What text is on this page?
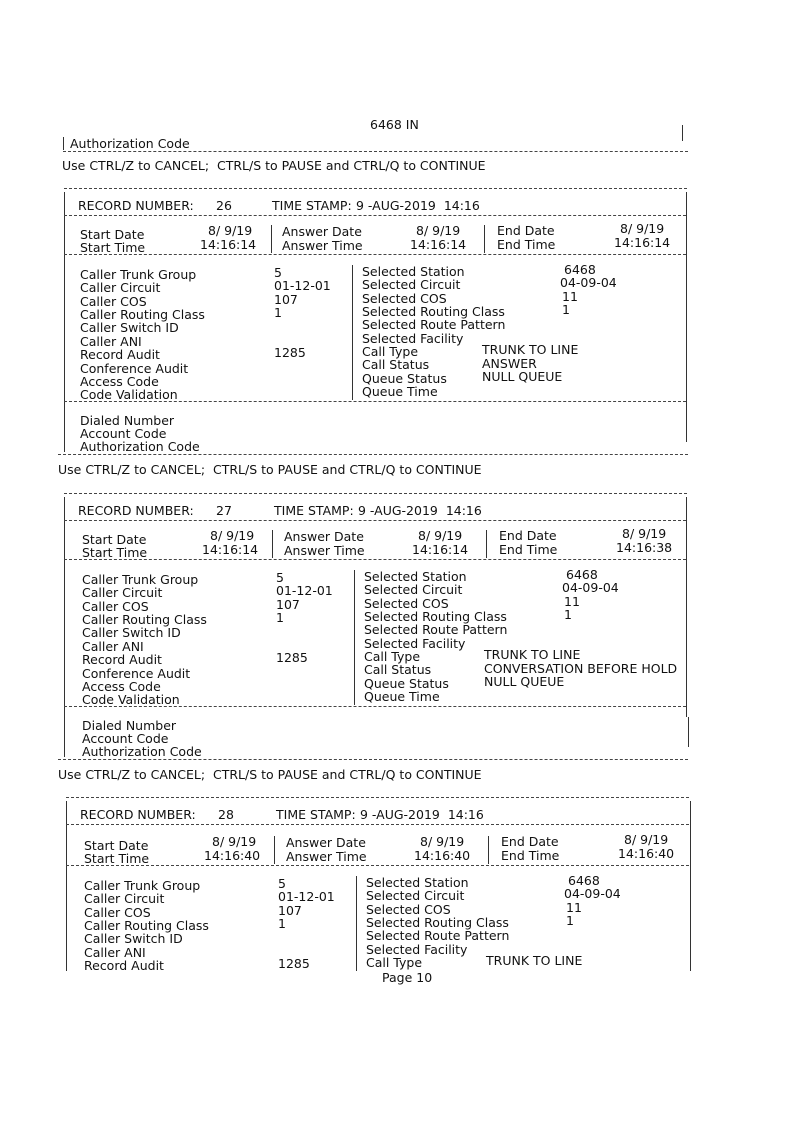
6468 IN
Authorization Code
Use CTRL/Z to CANCEL;  CTRL/S to PAUSE and CTRL/Q to CONTINUE
RECORD NUMBER: 26	TIME STAMP: 9 -AUG-2019  14:16
Start Date	8/ 9/19
Start Time	14:16:14
Answer Date	8/ 9/19
Answer Time	14:16:14
End Date	8/ 9/19
End Time	14:16:14
Caller Trunk Group	5
Caller Circuit	01-12-01
Caller COS	107
Caller Routing Class	1
Caller Switch ID
Caller ANI
Record Audit	1285
Conference Audit
Access Code
Code Validation
Selected Station	6468
Selected Circuit	04-09-04
Selected COS	11
Selected Routing Class	1
Selected Route Pattern
Selected Facility
Call Type	TRUNK TO LINE
Call Status	ANSWER
Queue Status	NULL QUEUE
Queue Time
Dialed Number
Account Code
Authorization Code
Use CTRL/Z to CANCEL;  CTRL/S to PAUSE and CTRL/Q to CONTINUE
RECORD NUMBER: 27	TIME STAMP: 9 -AUG-2019  14:16
Start Date	8/ 9/19
Start Time	14:16:14
Answer Date	8/ 9/19
Answer Time	14:16:14
End Date	8/ 9/19
End Time	14:16:38
Caller Trunk Group	5
Caller Circuit	01-12-01
Caller COS	107
Caller Routing Class	1
Caller Switch ID
Caller ANI
Record Audit	1285
Conference Audit
Access Code
Code Validation
Selected Station	6468
Selected Circuit	04-09-04
Selected COS	11
Selected Routing Class	1
Selected Route Pattern
Selected Facility
Call Type	TRUNK TO LINE
Call Status	CONVERSATION BEFORE HOLD
Queue Status	NULL QUEUE
Queue Time
Dialed Number
Account Code
Authorization Code
Use CTRL/Z to CANCEL;  CTRL/S to PAUSE and CTRL/Q to CONTINUE
RECORD NUMBER: 28	TIME STAMP: 9 -AUG-2019  14:16
Start Date	8/ 9/19
Start Time	14:16:40
Answer Date	8/ 9/19
Answer Time	14:16:40
End Date	8/ 9/19
End Time	14:16:40
Caller Trunk Group	5
Caller Circuit	01-12-01
Caller COS	107
Caller Routing Class	1
Caller Switch ID
Caller ANI
Record Audit	1285
Selected Station	6468
Selected Circuit	04-09-04
Selected COS	11
Selected Routing Class	1
Selected Route Pattern
Selected Facility
Call Type	TRUNK TO LINE
Page 10
